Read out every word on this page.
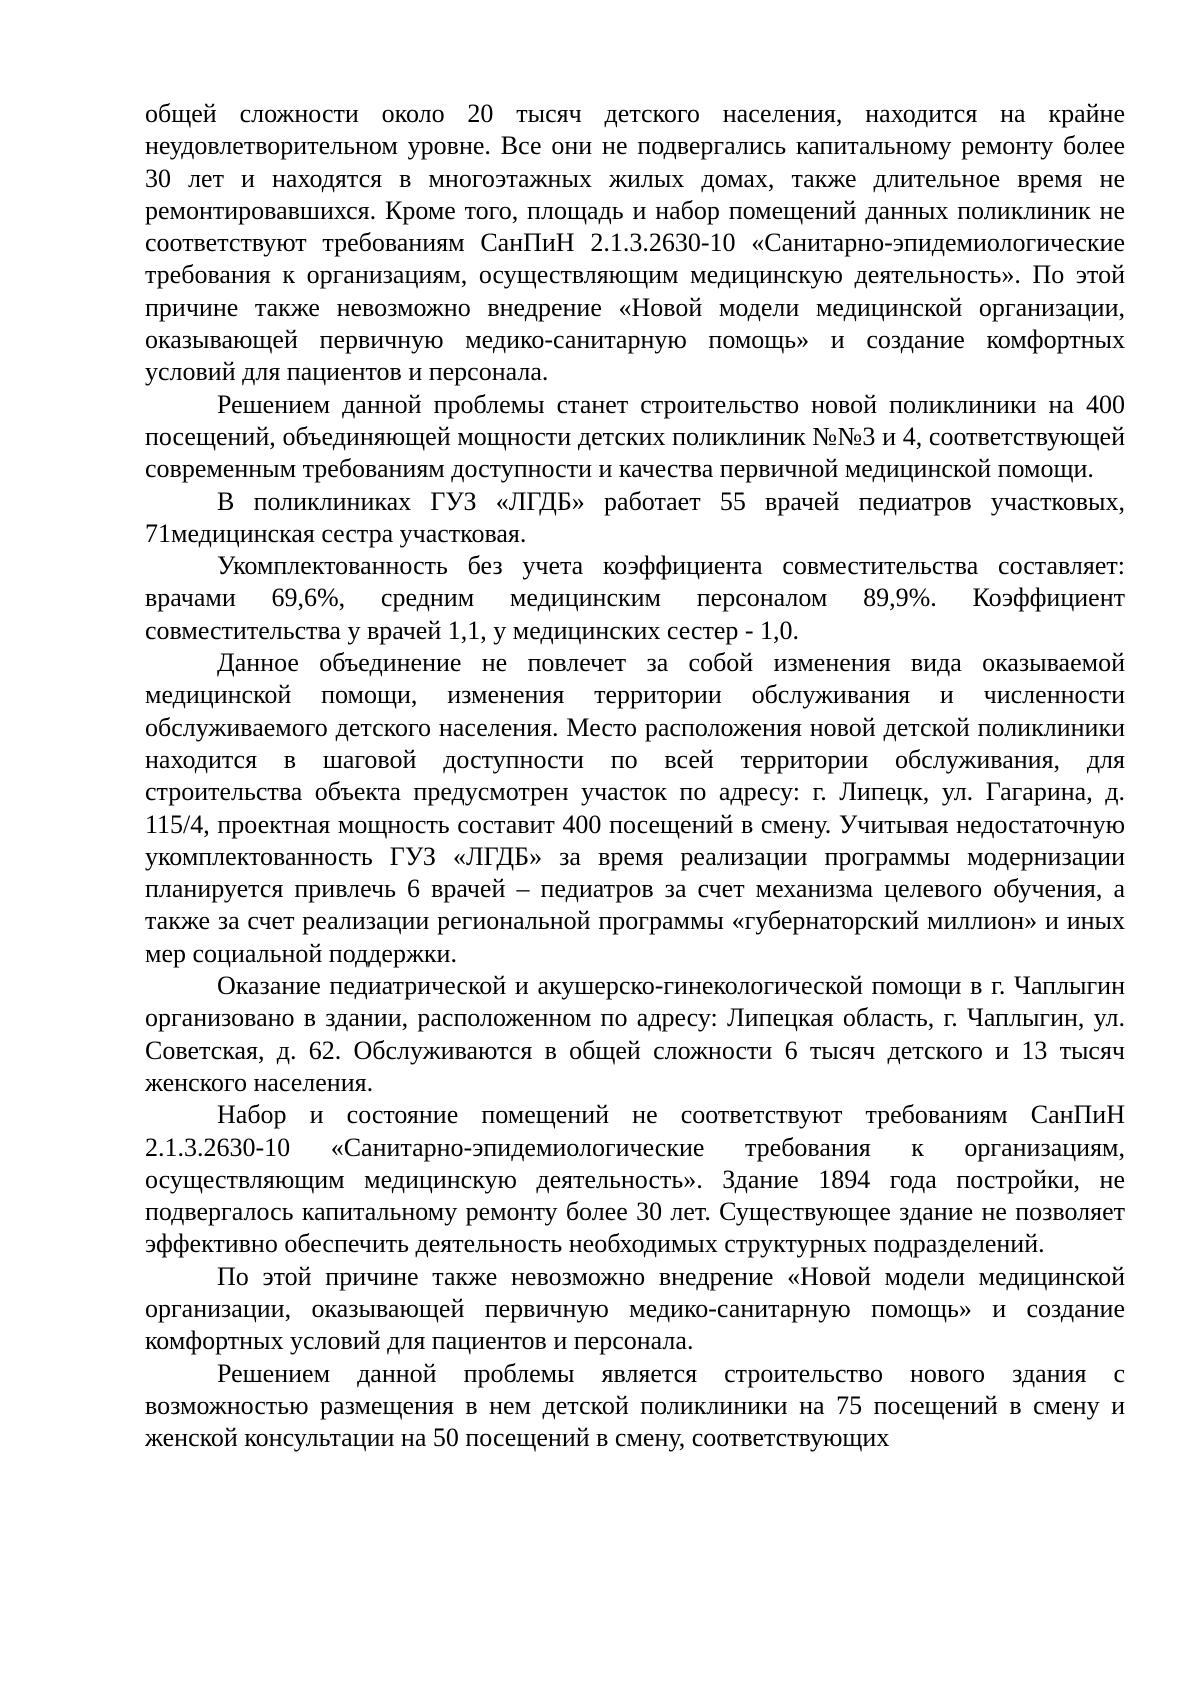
общей сложности около 20 тысяч детского населения, находится на крайне неудовлетворительном уровне. Все они не подвергались капитальному ремонту более 30 лет и находятся в многоэтажных жилых домах, также длительное время не ремонтировавшихся. Кроме того, площадь и набор помещений данных поликлиник не соответствуют требованиям СанПиН 2.1.3.2630-10 «Санитарно-эпидемиологические требования к организациям, осуществляющим медицинскую деятельность». По этой причине также невозможно внедрение «Новой модели медицинской организации, оказывающей первичную медико-санитарную помощь» и создание комфортных условий для пациентов и персонала.

Решением данной проблемы станет строительство новой поликлиники на 400 посещений, объединяющей мощности детских поликлиник №№3 и 4, соответствующей современным требованиям доступности и качества первичной медицинской помощи.

В поликлиниках ГУЗ «ЛГДБ» работает 55 врачей педиатров участковых, 71медицинская сестра участковая.

Укомплектованность без учета коэффициента совместительства составляет: врачами 69,6%, средним медицинским персоналом 89,9%. Коэффициент совместительства у врачей 1,1, у медицинских сестер - 1,0.

Данное объединение не повлечет за собой изменения вида оказываемой медицинской помощи, изменения территории обслуживания и численности обслуживаемого детского населения. Место расположения новой детской поликлиники находится в шаговой доступности по всей территории обслуживания, для строительства объекта предусмотрен участок по адресу: г. Липецк, ул. Гагарина, д. 115/4, проектная мощность составит 400 посещений в смену. Учитывая недостаточную укомплектованность ГУЗ «ЛГДБ» за время реализации программы модернизации планируется привлечь 6 врачей – педиатров за счет механизма целевого обучения, а также за счет реализации региональной программы «губернаторский миллион» и иных мер социальной поддержки.

Оказание педиатрической и акушерско-гинекологической помощи в г. Чаплыгин организовано в здании, расположенном по адресу: Липецкая область, г. Чаплыгин, ул. Советская, д. 62. Обслуживаются в общей сложности 6 тысяч детского и 13 тысяч женского населения.

Набор и состояние помещений не соответствуют требованиям СанПиН 2.1.3.2630-10 «Санитарно-эпидемиологические требования к организациям, осуществляющим медицинскую деятельность». Здание 1894 года постройки, не подвергалось капитальному ремонту более 30 лет. Существующее здание не позволяет эффективно обеспечить деятельность необходимых структурных подразделений.

По этой причине также невозможно внедрение «Новой модели медицинской организации, оказывающей первичную медико-санитарную помощь» и создание комфортных условий для пациентов и персонала.

Решением данной проблемы является строительство нового здания с возможностью размещения в нем детской поликлиники на 75 посещений в смену и женской консультации на 50 посещений в смену, соответствующих
